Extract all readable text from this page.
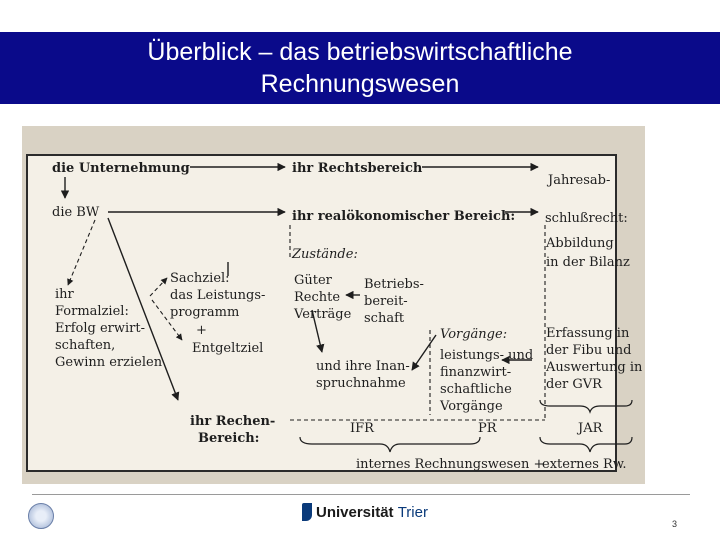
Überblick – das betriebswirtschaftliche
Rechnungswesen
die Unternehmung	ihr Rechtsbereich
Jahresab-
schlußrecht:
Abbildung
in der Bilanz
die BW	ihr realökonomischer Bereich:
Zustände:
Güter
Rechte
Verträge
Betriebs-
bereit-
schaft
Sachziel:
das Leistungs-
programm
+
Entgeltziel
ihr
Formalziel:
Erfolg erwirt-
schaften,
Gewinn erzielen
Vorgänge:
leistungs- und
finanzwirt-
schaftliche
Vorgänge
und ihre Inan-
spruchnahme
Erfassung in
der Fibu und
Auswertung in
der GVR
ihr Rechen-
Bereich:
IFR	PR	JAR
internes Rechnungswesen +
externes Rw.
Universität Trier
3
